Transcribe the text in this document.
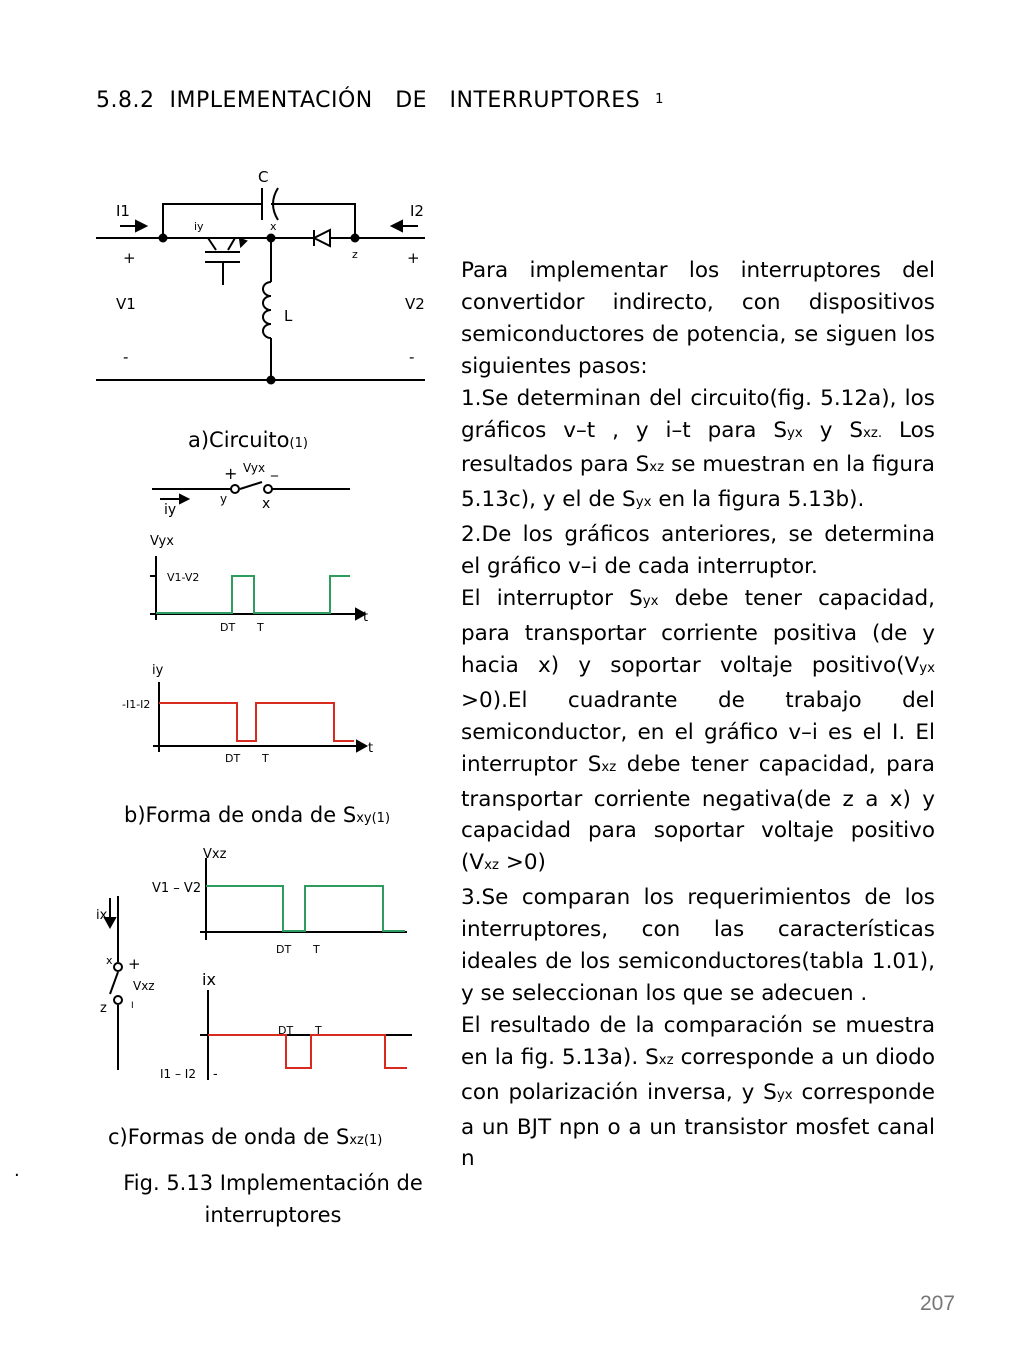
5.8.2 IMPLEMENTACIÓN   DE   INTERRUPTORES $^1$
C
I1	I2
iy	x
z
+	+
V1	V2
L
-	-
+ Vyx _
iy
y x
Vyx
V1-V2
DT T
t
iy
-I1-I2
DT T
t
ix
x +
Vxz
z	I
Vxz
V1 – V2
DT T
ix
I1 – I2 -
DT T
a)Circuito(1)
b)Forma de onda de Sxy(1)
c)Formas de onda de Sxz(1)
Fig. 5.13 Implementación de
interruptores
.

Para implementar los interruptores del convertidor indirecto, con dispositivos semiconductores de potencia, se siguen los siguientes pasos:

1.Se determinan del circuito(fig. 5.12a), los gráficos v–t , y i–t para Syx y Sxz. Los resultados para Sxz se muestran en la figura 5.13c), y el de Syx en la figura 5.13b).

2.De los gráficos anteriores, se determina el gráfico v–i de cada interruptor.

El interruptor Syx debe tener capacidad, para transportar corriente positiva (de y hacia x) y soportar voltaje positivo(Vyx >0).El cuadrante de trabajo del semiconductor, en el gráfico v–i es el I. El interruptor Sxz debe tener capacidad, para transportar corriente negativa(de z a x) y capacidad para soportar voltaje positivo (Vxz >0)

3.Se comparan los requerimientos de los interruptores, con las características ideales de los semiconductores(tabla 1.01), y se seleccionan los que se adecuen .

El resultado de la comparación se muestra en la fig. 5.13a). Sxz corresponde a un diodo con polarización inversa, y Syx corresponde a un BJT npn o a un transistor mosfet canal n

207
